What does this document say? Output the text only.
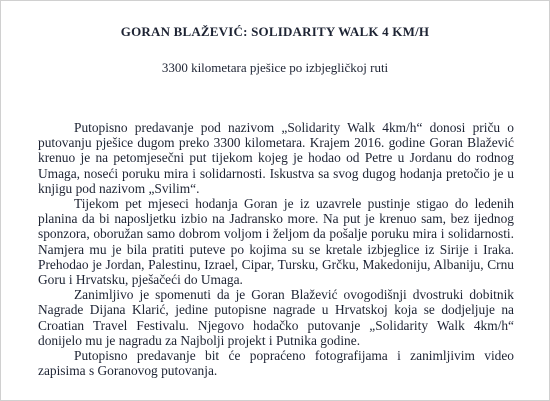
GORAN BLAŽEVIĆ: SOLIDARITY WALK 4 KM/H
3300 kilometara pješice po izbjegličkoj ruti

Putopisno predavanje pod nazivom „Solidarity Walk 4km/h“ donosi priču o putovanju pješice dugom preko 3300 kilometara. Krajem 2016. godine Goran Blažević krenuo je na petomjesečni put tijekom kojeg je hodao od Petre u Jordanu do rodnog Umaga, noseći poruku mira i solidarnosti. Iskustva sa svog dugog hodanja pretočio je u knjigu pod nazivom „Svilim“.

Tijekom pet mjeseci hodanja Goran je iz uzavrele pustinje stigao do ledenih planina da bi naposljetku izbio na Jadransko more. Na put je krenuo sam, bez ijednog sponzora, oboružan samo dobrom voljom i željom da pošalje poruku mira i solidarnosti. Namjera mu je bila pratiti puteve po kojima su se kretale izbjeglice iz Sirije i Iraka. Prehodao je Jordan, Palestinu, Izrael, Cipar, Tursku, Grčku, Makedoniju, Albaniju, Crnu Goru i Hrvatsku, pješačeći do Umaga.

Zanimljivo je spomenuti da je Goran Blažević ovogodišnji dvostruki dobitnik Nagrade Dijana Klarić, jedine putopisne nagrade u Hrvatskoj koja se dodjeljuje na Croatian Travel Festivalu. Njegovo hodačko putovanje „Solidarity Walk 4km/h“ donijelo mu je nagradu za Najbolji projekt i Putnika godine.

Putopisno predavanje bit će popraćeno fotografijama i zanimljivim video zapisima s Goranovog putovanja.
